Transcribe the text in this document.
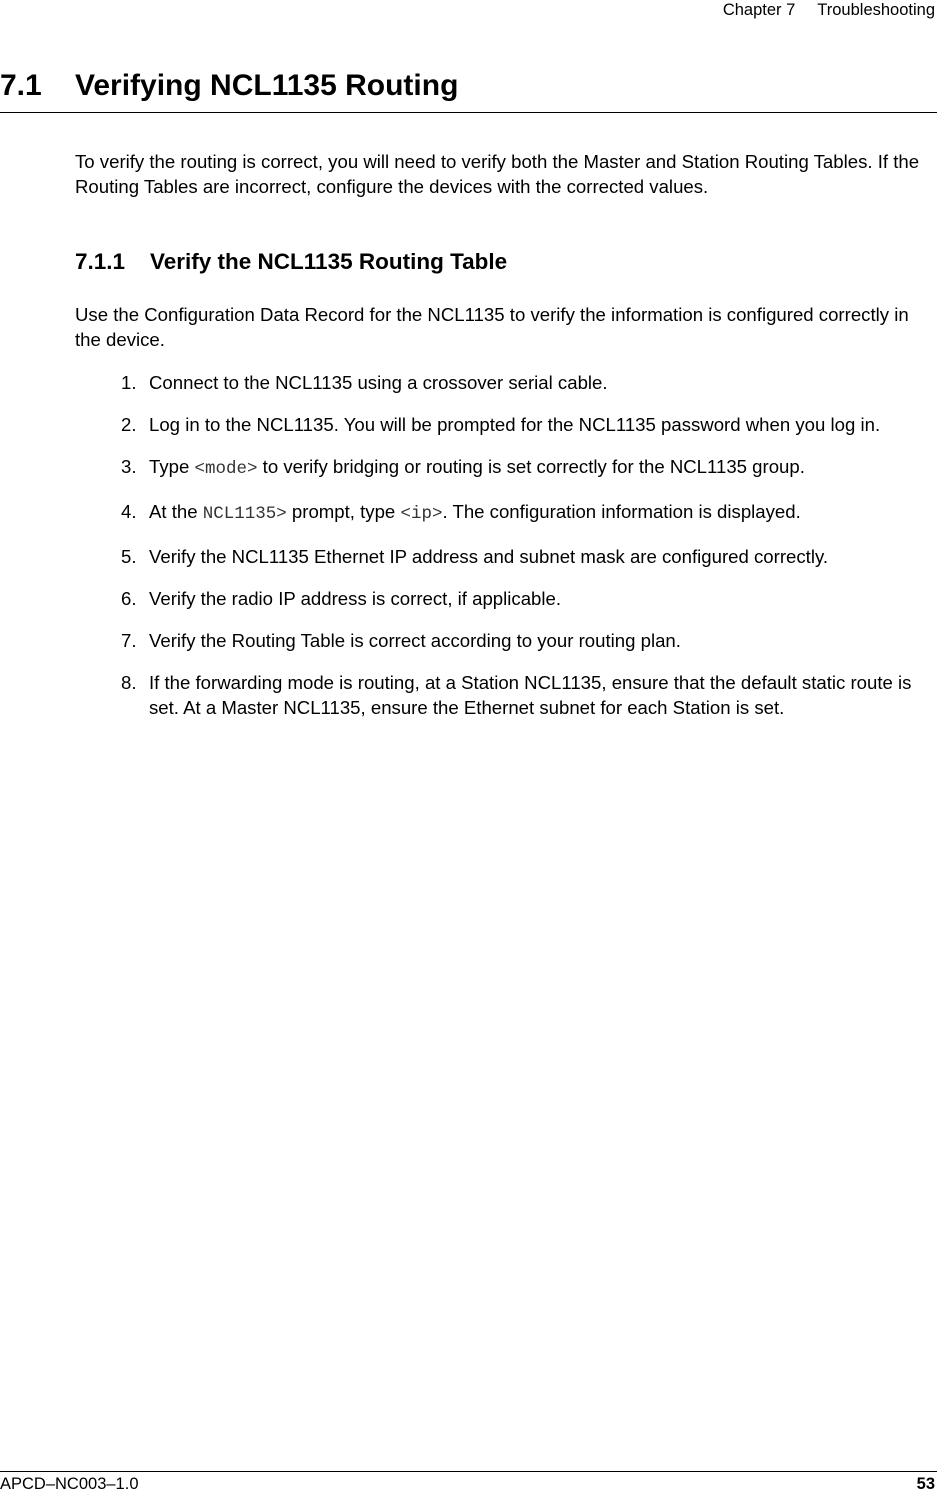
Chapter 7 Troubleshooting
7.1 Verifying NCL1135 Routing

To verify the routing is correct, you will need to verify both the Master and Station Routing Tables. If the Routing Tables are incorrect, configure the devices with the corrected values.

7.1.1 Verify the NCL1135 Routing Table

Use the Configuration Data Record for the NCL1135 to verify the information is configured correctly in the device.

1. Connect to the NCL1135 using a crossover serial cable.
2. Log in to the NCL1135. You will be prompted for the NCL1135 password when you log in.
3. Type <mode> to verify bridging or routing is set correctly for the NCL1135 group.
4. At the NCL1135> prompt, type <ip>. The configuration information is displayed.
5. Verify the NCL1135 Ethernet IP address and subnet mask are configured correctly.
6. Verify the radio IP address is correct, if applicable.
7. Verify the Routing Table is correct according to your routing plan.
8. If the forwarding mode is routing, at a Station NCL1135, ensure that the default static route is set. At a Master NCL1135, ensure the Ethernet subnet for each Station is set.
APCD–NC003–1.0	53
